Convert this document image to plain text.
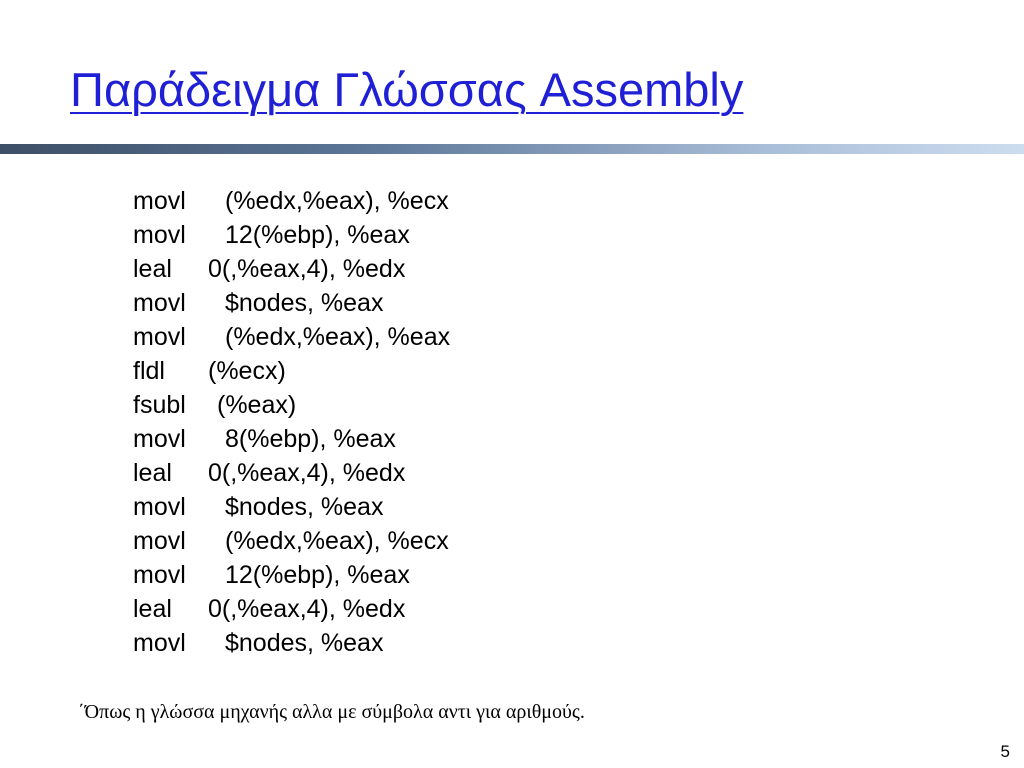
Παράδειγμα Γλώσσας Assembly
movl (%edx,%eax), %ecx
movl 12(%ebp), %eax
leal 0(,%eax,4), %edx
movl $nodes, %eax
movl (%edx,%eax), %eax
fldl (%ecx)
fsubl (%eax)
movl 8(%ebp), %eax
leal 0(,%eax,4), %edx
movl $nodes, %eax
movl (%edx,%eax), %ecx
movl 12(%ebp), %eax
leal 0(,%eax,4), %edx
movl $nodes, %eax
΄Όπως η γλώσσα μηχανής αλλα με σύμβολα αντι για αριθμούς.
5
